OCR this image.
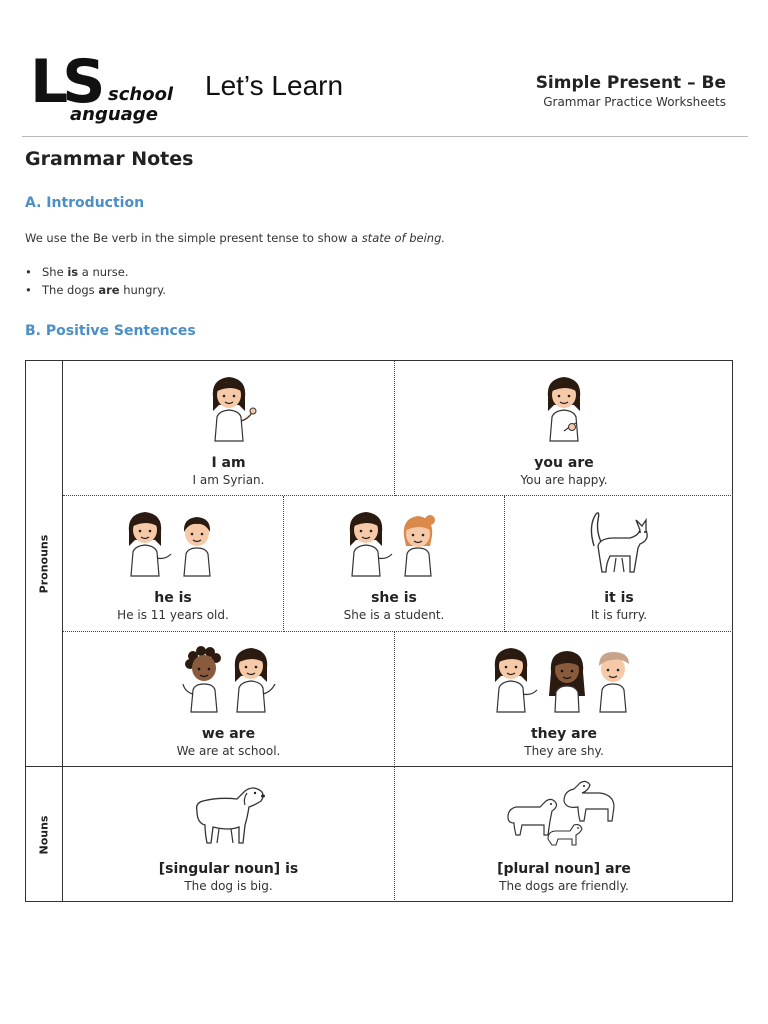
LS school
anguage
Let’s Learn	Simple Present – Be
Grammar Practice Worksheets
Grammar Notes
A. Introduction
We use the Be verb in the simple present tense to show a state of being.
• She is a nurse.
• The dogs are hungry.
B. Positive Sentences
Pronouns
Nouns
I am
I am Syrian.
you are
You are happy.
he is
He is 11 years old.
she is
She is a student.
it is
It is furry.
we are
We are at school.
they are
They are shy.
[singular noun] is
The dog is big.
[plural noun] are
The dogs are friendly.
